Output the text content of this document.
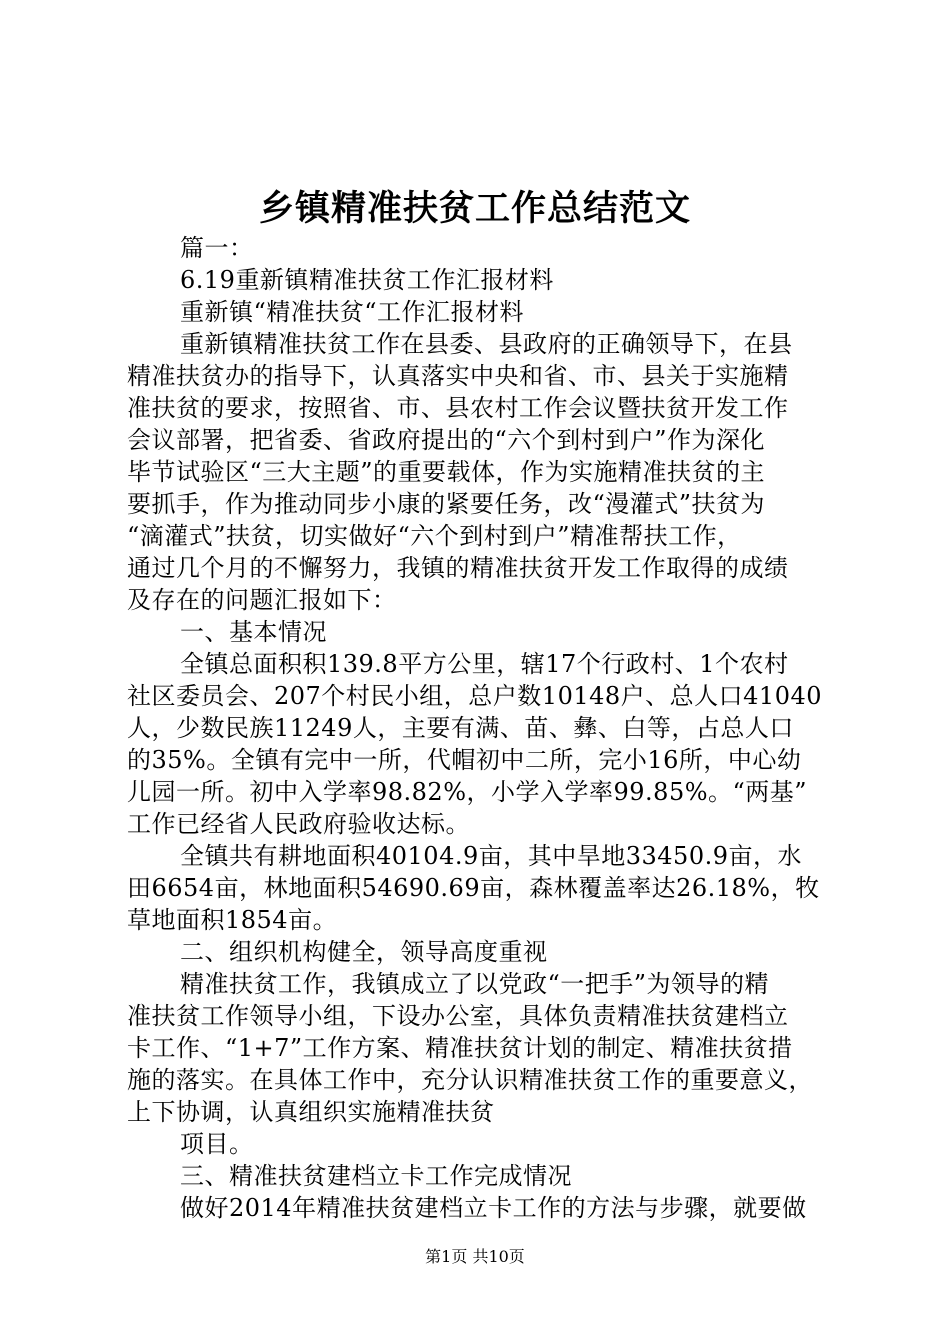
乡镇精准扶贫工作总结范文

篇一：

6.19重新镇精准扶贫工作汇报材料

重新镇“精准扶贫“工作汇报材料

重新镇精准扶贫工作在县委、县政府的正确领导下，在县

精准扶贫办的指导下，认真落实中央和省、市、县关于实施精

准扶贫的要求，按照省、市、县农村工作会议暨扶贫开发工作

会议部署，把省委、省政府提出的“六个到村到户”作为深化

毕节试验区“三大主题”的重要载体，作为实施精准扶贫的主

要抓手，作为推动同步小康的紧要任务，改“漫灌式”扶贫为

“滴灌式”扶贫，切实做好“六个到村到户”精准帮扶工作，

通过几个月的不懈努力，我镇的精准扶贫开发工作取得的成绩

及存在的问题汇报如下：

一、基本情况

全镇总面积积139.8平方公里，辖17个行政村、1个农村

社区委员会、207个村民小组，总户数10148户、总人口41040

人，少数民族11249人，主要有满、苗、彝、白等，占总人口

的35%。全镇有完中一所，代帽初中二所，完小16所，中心幼

儿园一所。初中入学率98.82%，小学入学率99.85%。“两基”

工作已经省人民政府验收达标。

全镇共有耕地面积40104.9亩，其中旱地33450.9亩，水

田6654亩，林地面积54690.69亩，森林覆盖率达26.18%，牧

草地面积1854亩。

二、组织机构健全，领导高度重视

精准扶贫工作，我镇成立了以党政“一把手”为领导的精

准扶贫工作领导小组，下设办公室，具体负责精准扶贫建档立

卡工作、“1+7”工作方案、精准扶贫计划的制定、精准扶贫措

施的落实。在具体工作中，充分认识精准扶贫工作的重要意义，

上下协调，认真组织实施精准扶贫

项目。

三、精准扶贫建档立卡工作完成情况

做好2014年精准扶贫建档立卡工作的方法与步骤，就要做

第1页 共10页
